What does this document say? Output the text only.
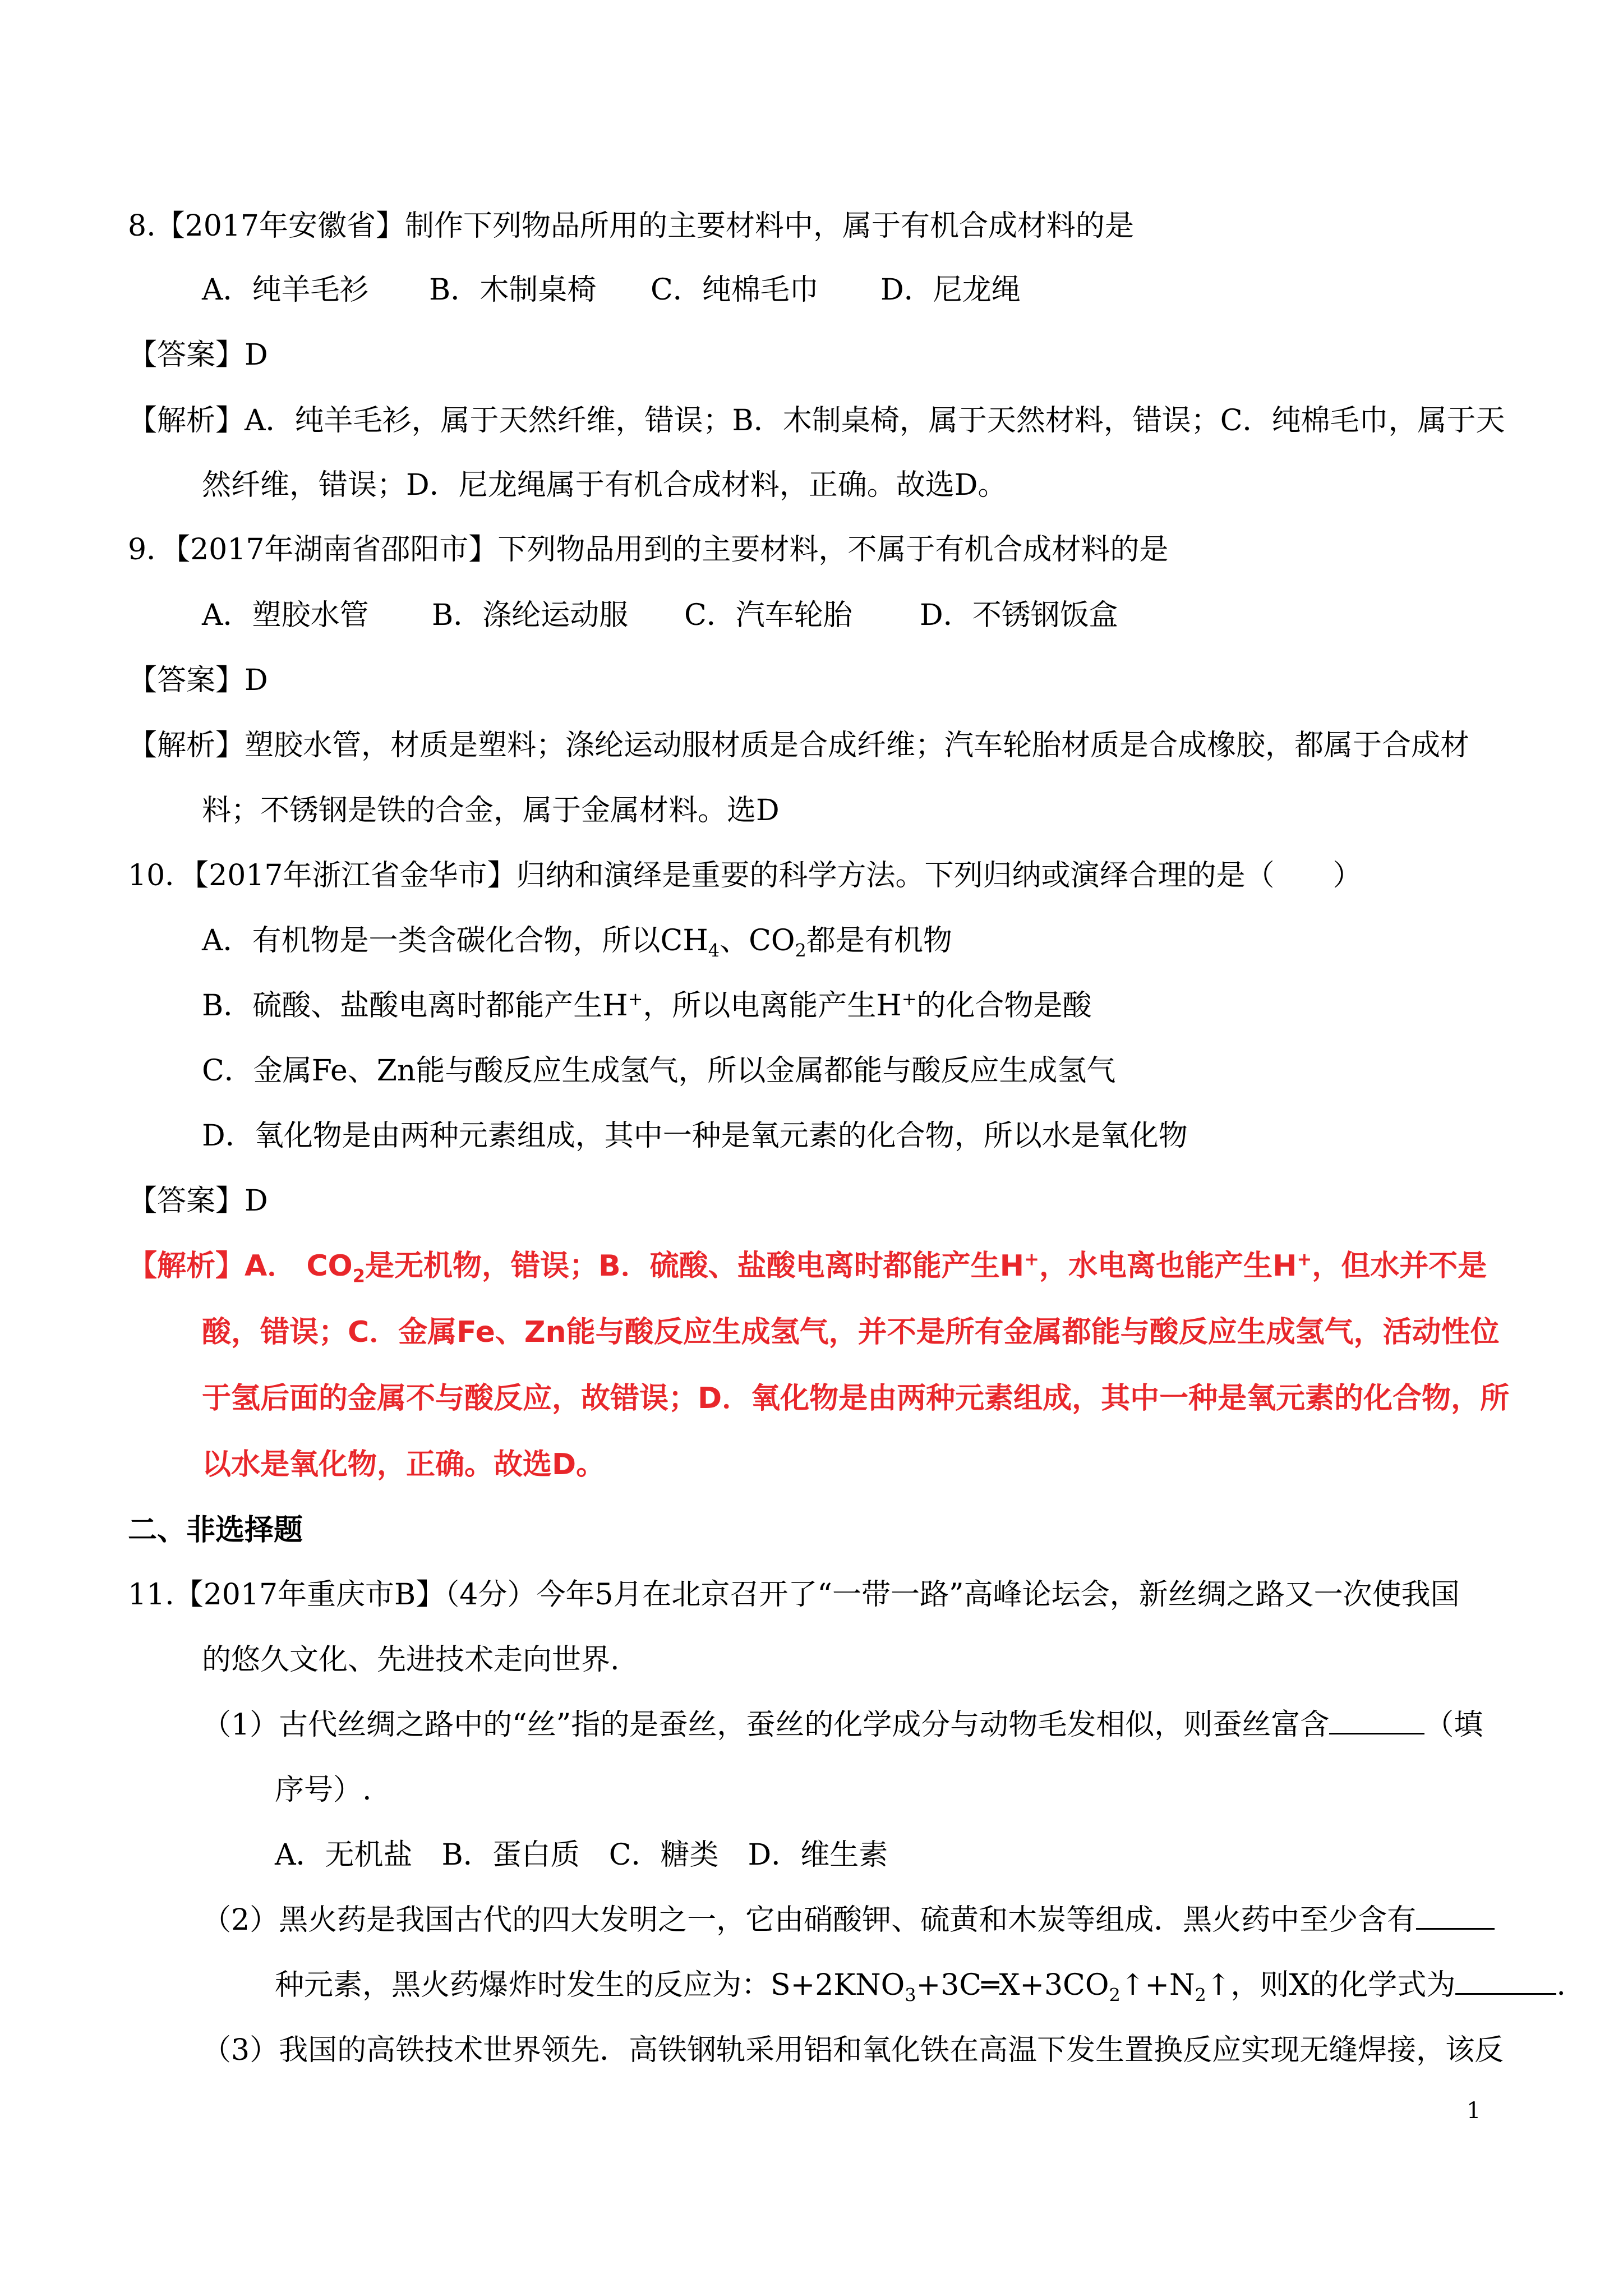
8.【2017年安徽省】制作下列物品所用的主要材料中，属于有机合成材料的是
A．纯羊毛衫 B．木制桌椅 C．纯棉毛巾 D．尼龙绳
【答案】D
【解析】A．纯羊毛衫，属于天然纤维，错误；B．木制桌椅，属于天然材料，错误；C．纯棉毛巾，属于天
然纤维，错误；D．尼龙绳属于有机合成材料，正确。故选D。
9．【2017年湖南省邵阳市】下列物品用到的主要材料，不属于有机合成材料的是
A．塑胶水管 B．涤纶运动服 C．汽车轮胎 D．不锈钢饭盒
【答案】D
【解析】塑胶水管，材质是塑料；涤纶运动服材质是合成纤维；汽车轮胎材质是合成橡胶，都属于合成材
料；不锈钢是铁的合金，属于金属材料。选D
10．【2017年浙江省金华市】归纳和演绎是重要的科学方法。下列归纳或演绎合理的是（　　）
A．有机物是一类含碳化合物，所以$CH_4$、$CO_2$都是有机物
B．硫酸、盐酸电离时都能产生H+，所以电离能产生H+的化合物是酸
C．金属Fe、Zn能与酸反应生成氢气，所以金属都能与酸反应生成氢气
D．氧化物是由两种元素组成，其中一种是氧元素的化合物，所以水是氧化物
【答案】D
【解析】A． $CO_2$是无机物，错误；B．硫酸、盐酸电离时都能产生H+，水电离也能产生H+，但水并不是
酸，错误；C．金属Fe、Zn能与酸反应生成氢气，并不是所有金属都能与酸反应生成氢气，活动性位
于氢后面的金属不与酸反应，故错误；D．氧化物是由两种元素组成，其中一种是氧元素的化合物，所
以水是氧化物，正确。故选D。
二、非选择题
11.【2017年重庆市B】（4分）今年5月在北京召开了“一带一路”高峰论坛会，新丝绸之路又一次使我国
的悠久文化、先进技术走向世界.
（1）古代丝绸之路中的“丝”指的是蚕丝，蚕丝的化学成分与动物毛发相似，则蚕丝富含	（填
序号）.
A．无机盐　B．蛋白质　C．糖类　D．维生素
（2）黑火药是我国古代的四大发明之一，它由硝酸钾、硫黄和木炭等组成．黑火药中至少含有
种元素，黑火药爆炸时发生的反应为：$S+2KNO_3+3C═X+3CO_2↑+N_2↑$，则X的化学式为	.
（3）我国的高铁技术世界领先．高铁钢轨采用铝和氧化铁在高温下发生置换反应实现无缝焊接，该反
1
